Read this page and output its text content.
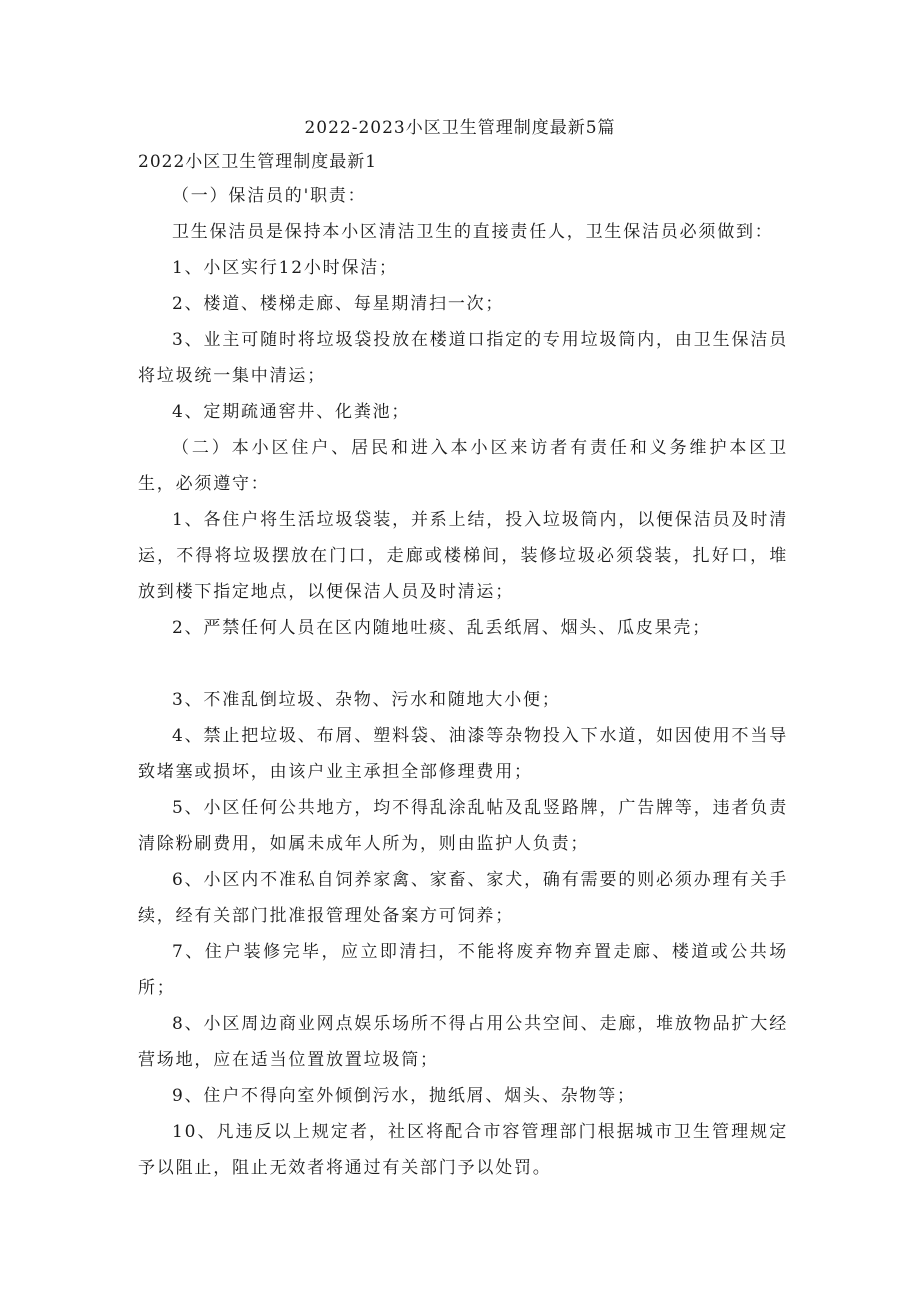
2022-2023小区卫生管理制度最新5篇
2022小区卫生管理制度最新1

（一）保洁员的'职责：

卫生保洁员是保持本小区清洁卫生的直接责任人，卫生保洁员必须做到：

1、小区实行12小时保洁；

2、楼道、楼梯走廊、每星期清扫一次；

3、业主可随时将垃圾袋投放在楼道口指定的专用垃圾筒内，由卫生保洁员将垃圾统一集中清运；

4、定期疏通窖井、化粪池；

（二）本小区住户、居民和进入本小区来访者有责任和义务维护本区卫生，必须遵守：

1、各住户将生活垃圾袋装，并系上结，投入垃圾筒内，以便保洁员及时清运，不得将垃圾摆放在门口，走廊或楼梯间，装修垃圾必须袋装，扎好口，堆放到楼下指定地点，以便保洁人员及时清运；

2、严禁任何人员在区内随地吐痰、乱丢纸屑、烟头、瓜皮果壳；

3、不准乱倒垃圾、杂物、污水和随地大小便；

4、禁止把垃圾、布屑、塑料袋、油漆等杂物投入下水道，如因使用不当导致堵塞或损坏，由该户业主承担全部修理费用；

5、小区任何公共地方，均不得乱涂乱帖及乱竖路牌，广告牌等，违者负责清除粉刷费用，如属未成年人所为，则由监护人负责；

6、小区内不准私自饲养家禽、家畜、家犬，确有需要的则必须办理有关手续，经有关部门批准报管理处备案方可饲养；

7、住户装修完毕，应立即清扫，不能将废弃物弃置走廊、楼道或公共场所；

8、小区周边商业网点娱乐场所不得占用公共空间、走廊，堆放物品扩大经营场地，应在适当位置放置垃圾筒；

9、住户不得向室外倾倒污水，抛纸屑、烟头、杂物等；

10、凡违反以上规定者，社区将配合市容管理部门根据城市卫生管理规定予以阻止，阻止无效者将通过有关部门予以处罚。
